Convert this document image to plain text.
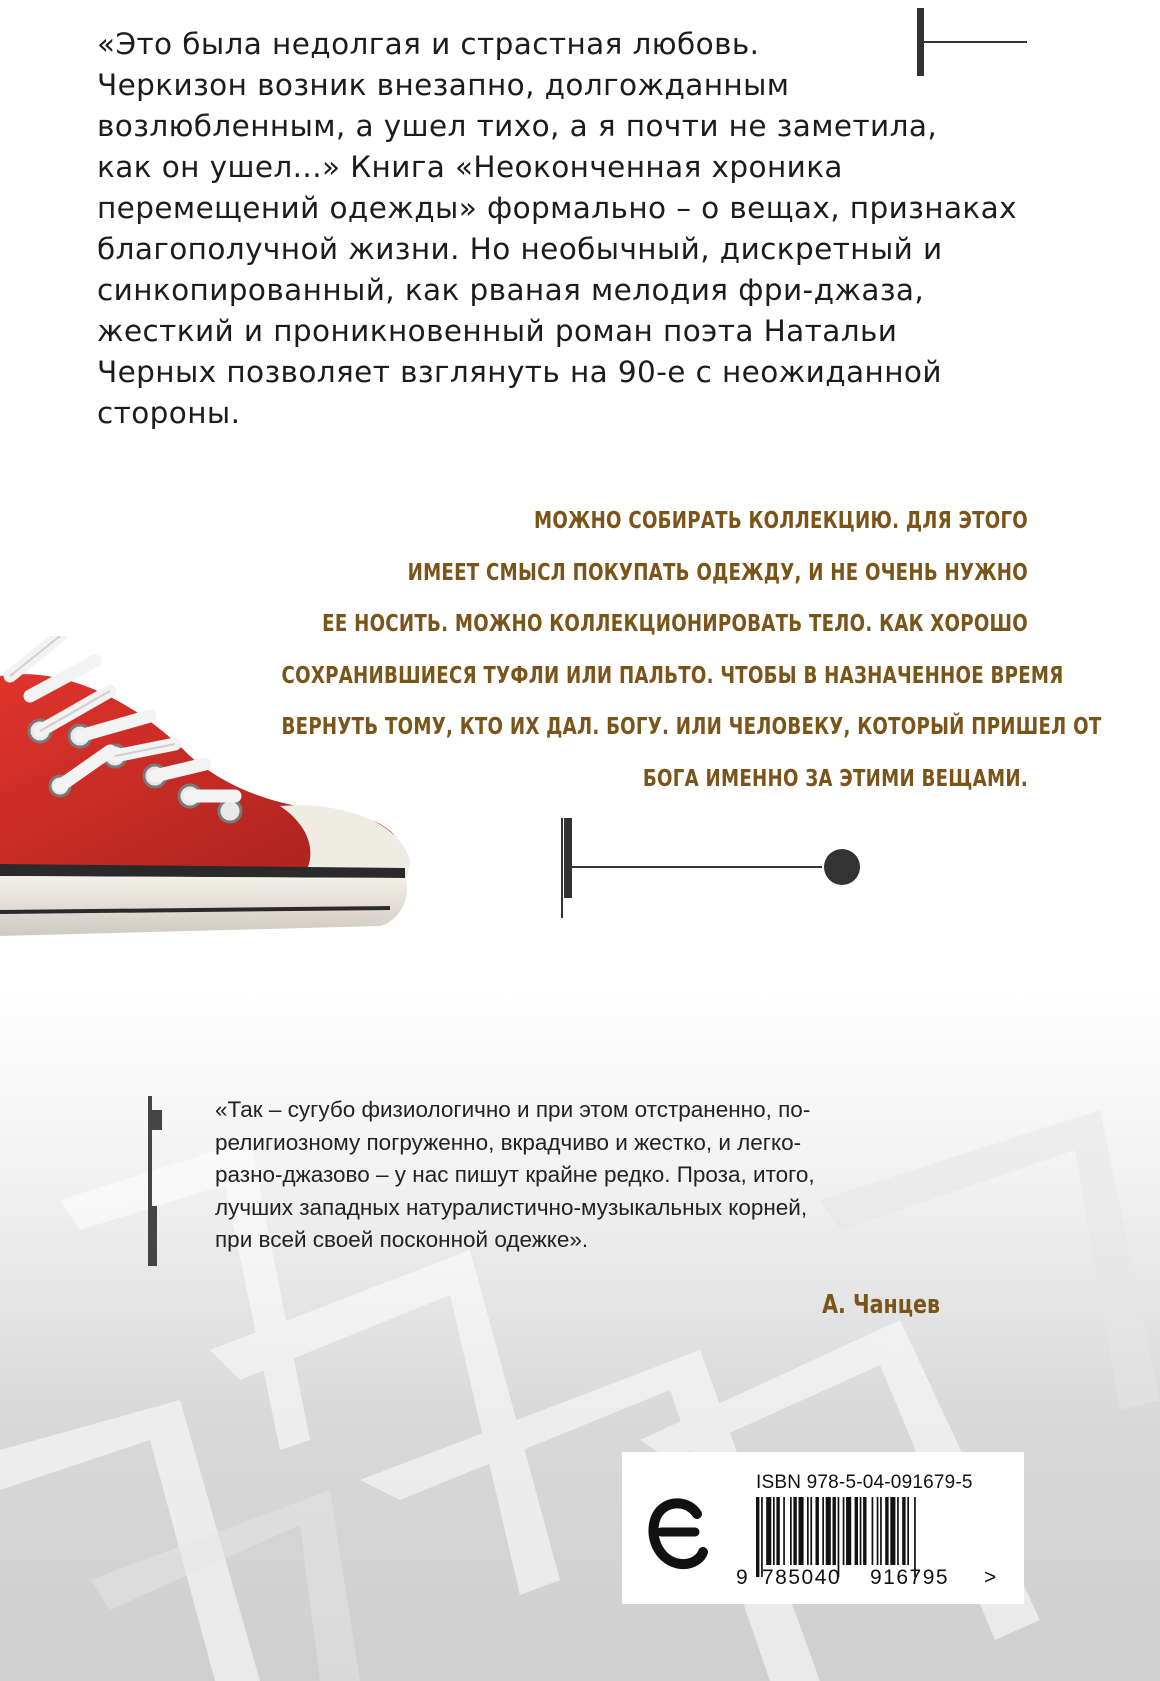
«Это была недолгая и страстная любовь.
Черкизон возник внезапно, долгожданным
возлюбленным, а ушел тихо, а я почти не заметила,
как он ушел...» Книга «Неоконченная хроника
перемещений одежды» формально – о вещах, признаках
благополучной жизни. Но необычный, дискретный и
синкопированный, как рваная мелодия фри-джаза,
жесткий и проникновенный роман поэта Натальи
Черных позволяет взглянуть на 90-е с неожиданной
стороны.
МОЖНО СОБИРАТЬ КОЛЛЕКЦИЮ. ДЛЯ ЭТОГО
ИМЕЕТ СМЫСЛ ПОКУПАТЬ ОДЕЖДУ, И НЕ ОЧЕНЬ НУЖНО
ЕЕ НОСИТЬ. МОЖНО КОЛЛЕКЦИОНИРОВАТЬ ТЕЛО. КАК ХОРОШО
СОХРАНИВШИЕСЯ ТУФЛИ ИЛИ ПАЛЬТО. ЧТОБЫ В НАЗНАЧЕННОЕ ВРЕМЯ
ВЕРНУТЬ ТОМУ, КТО ИХ ДАЛ. БОГУ. ИЛИ ЧЕЛОВЕКУ, КОТОРЫЙ ПРИШЕЛ ОТ
БОГА ИМЕННО ЗА ЭТИМИ ВЕЩАМИ.
«Так – сугубо физиологично и при этом отстраненно, по-
религиозному погруженно, вкрадчиво и жестко, и легко-
разно-джазово – у нас пишут крайне редко. Проза, итого,
лучших западных натуралистично-музыкальных корней,
при всей своей посконной одежке».
А. Чанцев
ISBN 978-5-04-091679-5
9 785040 916795 >
